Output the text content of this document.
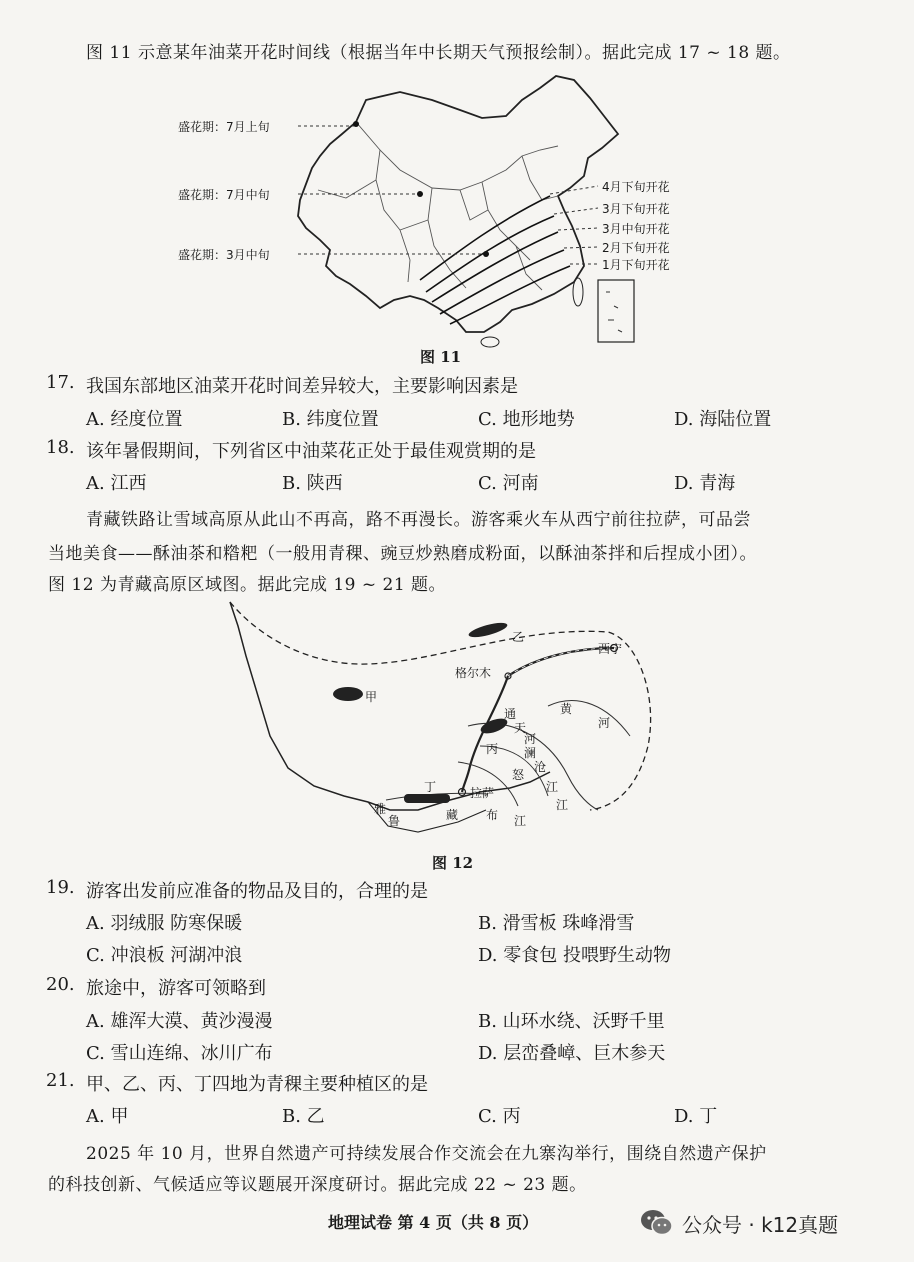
图 11 示意某年油菜开花时间线（根据当年中长期天气预报绘制）。据此完成 17 ~ 18 题。
盛花期：7月上旬
盛花期：7月中旬
盛花期：3月中旬
4月下旬开花
3月下旬开花
3月中旬开花
2月下旬开花
1月下旬开花
图 11
17. 我国东部地区油菜开花时间差异较大，主要影响因素是
A. 经度位置	B. 纬度位置	C. 地形地势	D. 海陆位置
18. 该年暑假期间，下列省区中油菜花正处于最佳观赏期的是
A. 江西	B. 陕西	C. 河南	D. 青海
青藏铁路让雪域高原从此山不再高，路不再漫长。游客乘火车从西宁前往拉萨，可品尝
当地美食——酥油茶和糌粑（一般用青稞、豌豆炒熟磨成粉面，以酥油茶拌和后捏成小团）。
图 12 为青藏高原区域图。据此完成 19 ~ 21 题。
乙
西宁
格尔木
甲
通
天
河
黄
河
丙 澜
沧
怒
江
丁	拉萨
江
雅
鲁	藏 布 江
图 12
19. 游客出发前应准备的物品及目的，合理的是
A. 羽绒服 防寒保暖	B. 滑雪板 珠峰滑雪
C. 冲浪板 河湖冲浪	D. 零食包 投喂野生动物
20. 旅途中，游客可领略到
A. 雄浑大漠、黄沙漫漫	B. 山环水绕、沃野千里
C. 雪山连绵、冰川广布	D. 层峦叠嶂、巨木参天
21. 甲、乙、丙、丁四地为青稞主要种植区的是
A. 甲	B. 乙	C. 丙	D. 丁
2025 年 10 月，世界自然遗产可持续发展合作交流会在九寨沟举行，围绕自然遗产保护
的科技创新、气候适应等议题展开深度研讨。据此完成 22 ~ 23 题。
地理试卷 第 4 页（共 8 页）	公众号 · k12真题
